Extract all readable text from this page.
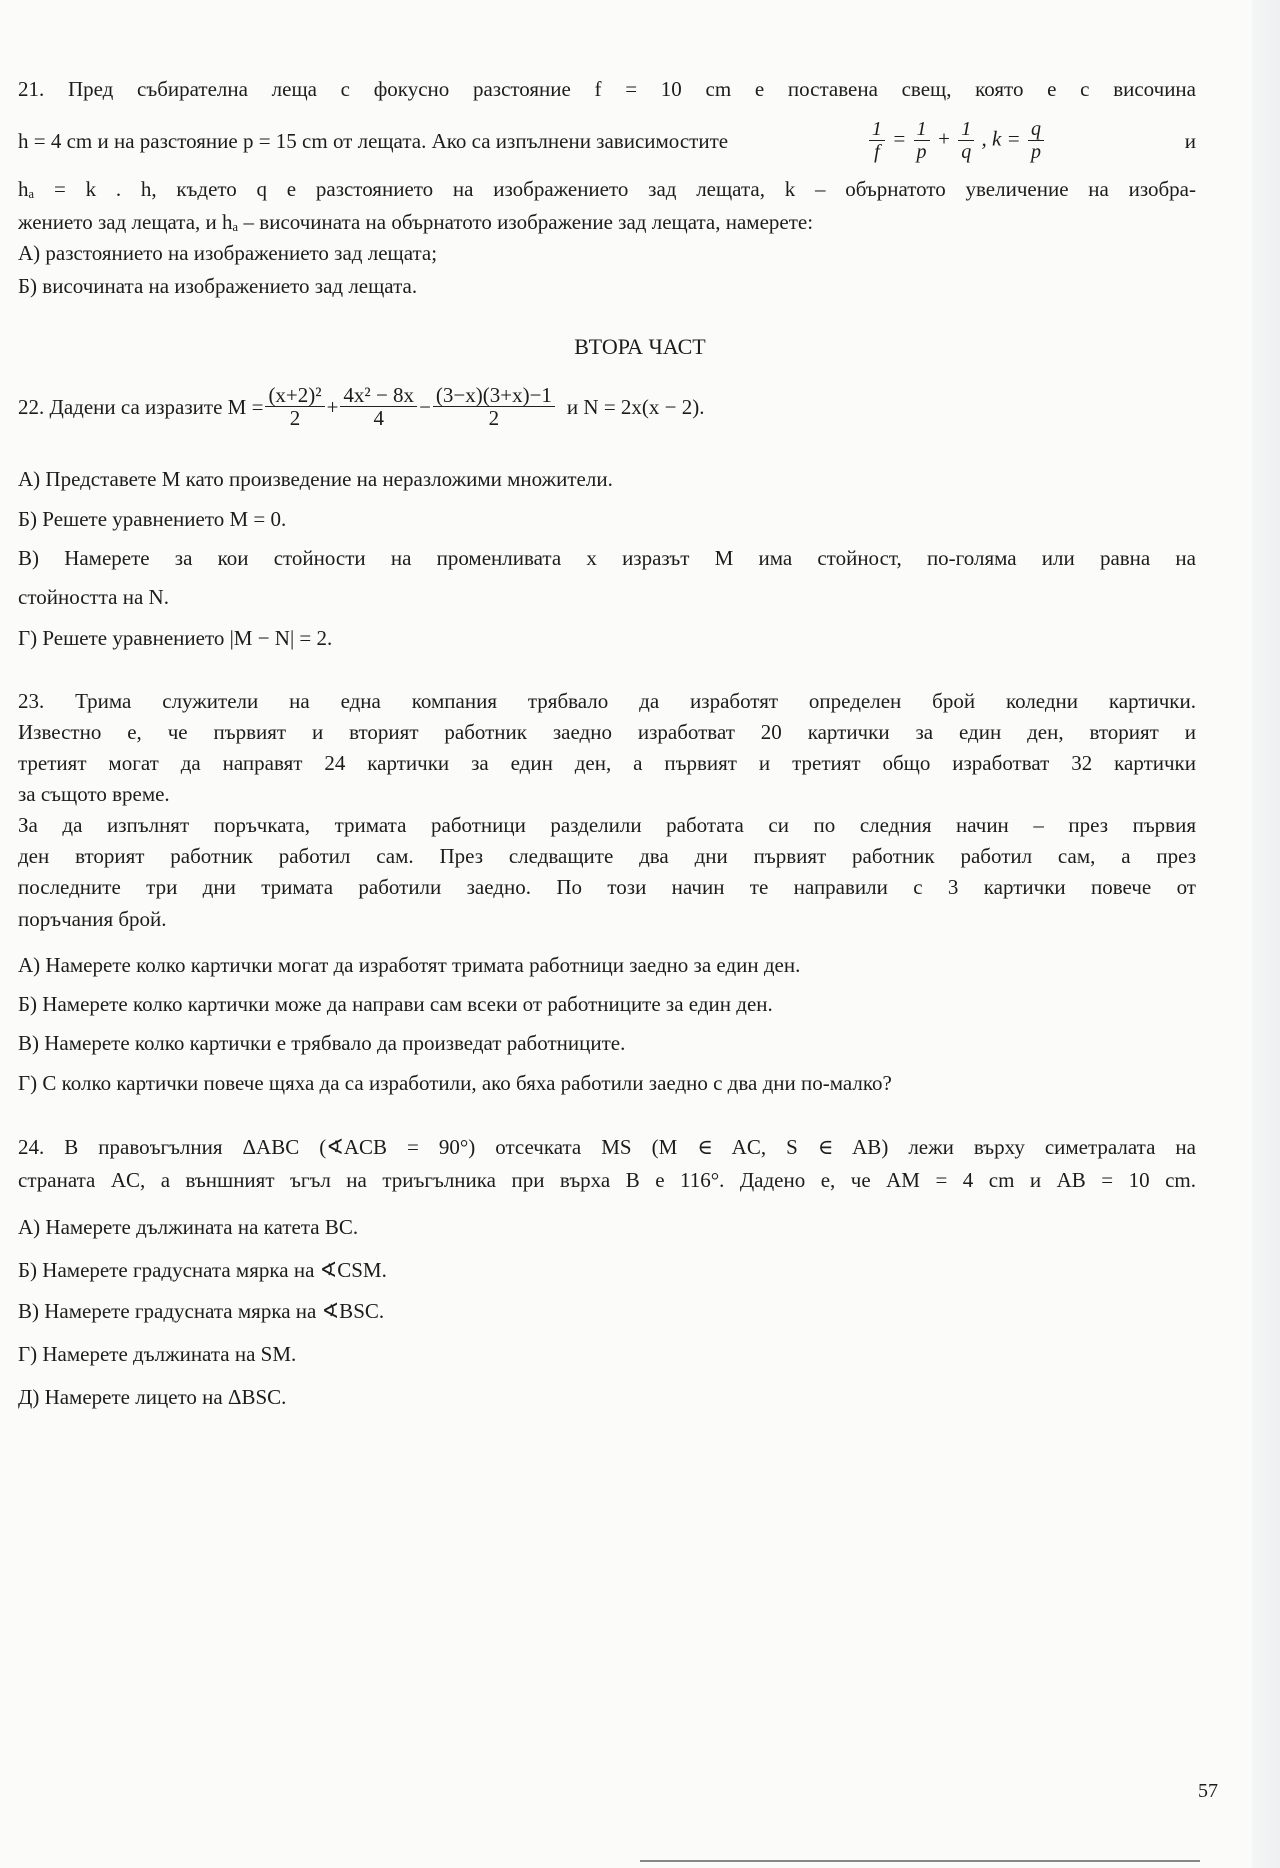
21. Пред събирателна леща с фокусно разстояние f = 10 cm е поставена свещ, която е с височина
h = 4 cm и на разстояние p = 15 cm от лещата. Ако са изпълнени зависимостите	$\frac{1}{f} = \frac{1}{p} + \frac{1}{q}$ , $k = \frac{q}{p}$	и
hₐ = k . h, където q е разстоянието на изображението зад лещата, k – обърнатото увеличение на изобра-
жението зад лещата, и hₐ – височината на обърнатото изображение зад лещата, намерете:
А) разстоянието на изображението зад лещата;
Б) височината на изображението зад лещата.
ВТОРА ЧАСТ
22. Дадени са изразите $M = \frac{\text{(x+2)²}}{2} + \frac{\text{4x² − 8x}}{4} - \frac{(3-x)(3+x)-1}{2}$ и N = 2x(x − 2).
А) Представете M като произведение на неразложими множители.
Б) Решете уравнението M = 0.
В) Намерете за кои стойности на променливата x изразът M има стойност, по-голяма или равна на
стойността на N.
Г) Решете уравнението |M − N| = 2.
23. Трима служители на една компания трябвало да изработят определен брой коледни картички.
Известно е, че първият и вторият работник заедно изработват 20 картички за един ден, вторият и
третият могат да направят 24 картички за един ден, а първият и третият общо изработват 32 картички
за същото време.
За да изпълнят поръчката, тримата работници разделили работата си по следния начин – през първия
ден вторият работник работил сам. През следващите два дни първият работник работил сам, а през
последните три дни тримата работили заедно. По този начин те направили с 3 картички повече от
поръчания брой.
А) Намерете колко картички могат да изработят тримата работници заедно за един ден.
Б) Намерете колко картички може да направи сам всеки от работниците за един ден.
В) Намерете колко картички е трябвало да произведат работниците.
Г) С колко картички повече щяха да са изработили, ако бяха работили заедно с два дни по-малко?
24. В правоъгълния ΔABC (∢ACB = 90°) отсечката MS (M ∈ AC, S ∈ AB) лежи върху симетралата на
страната AC, а външният ъгъл на триъгълника при върха B е 116°. Дадено е, че AM = 4 cm и AB = 10 cm.
А) Намерете дължината на катета BC.
Б) Намерете градусната мярка на ∢CSM.
В) Намерете градусната мярка на ∢BSC.
Г) Намерете дължината на SM.
Д) Намерете лицето на ΔBSC.
57
